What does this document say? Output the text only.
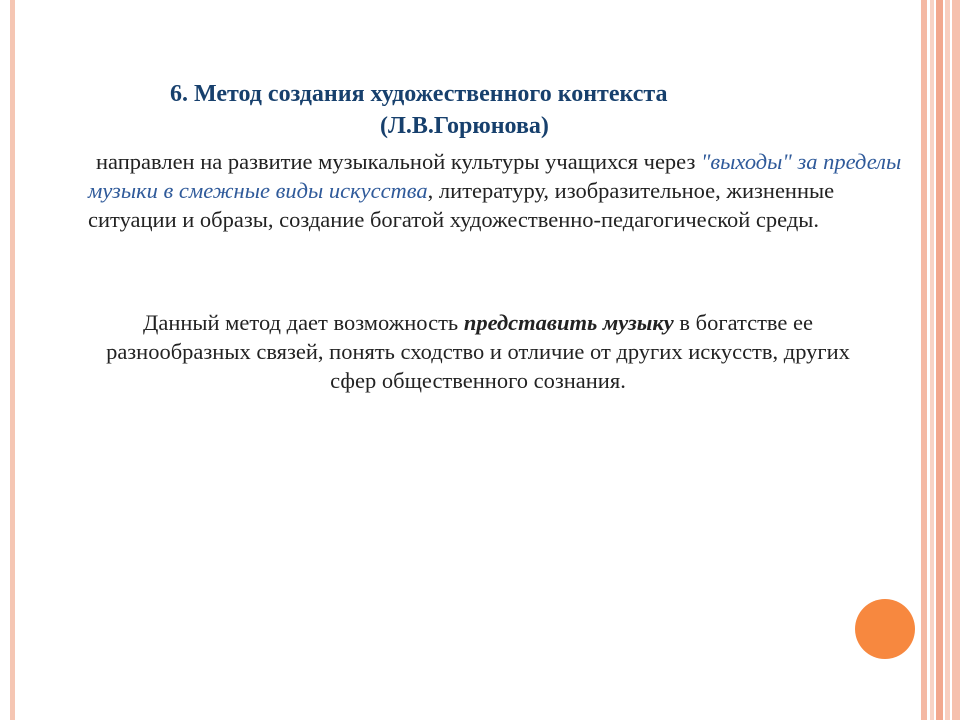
6. Метод создания художественного контекста
(Л.В.Горюнова)
направлен на развитие музыкальной культуры учащихся через "выходы" за пределы музыки в смежные виды искусства, литературу, изобразительное, жизненные ситуации и образы, создание богатой художественно-педагогической среды.
Данный метод дает возможность представить музыку в богатстве ее разнообразных связей, понять сходство и отличие от других искусств, других сфер общественного сознания.
